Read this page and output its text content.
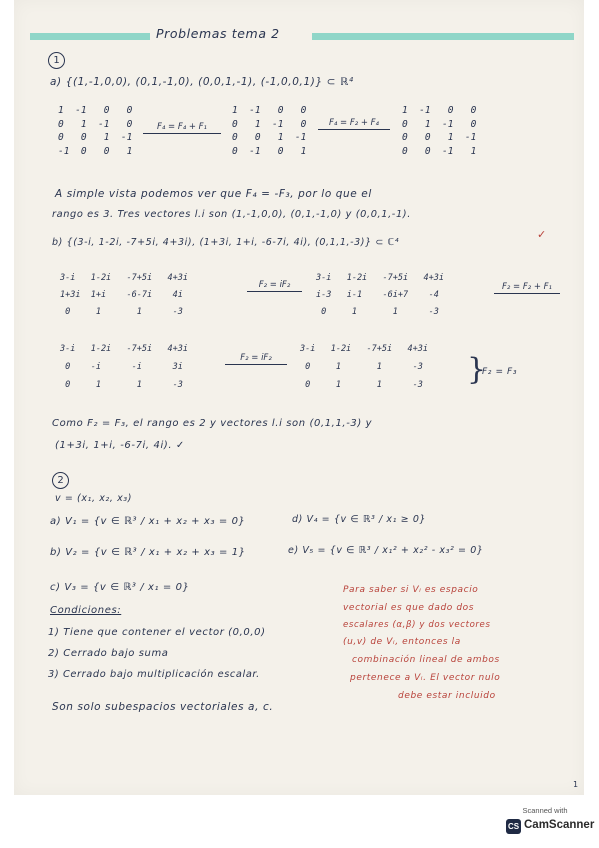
Problemas tema 2
1
a) {(1,-1,0,0), (0,1,-1,0), (0,0,1,-1), (-1,0,0,1)} ⊂ ℝ⁴
1  -1   0   0
0   1  -1   0
0   0   1  -1
-1  0   0   1
F₄ = F₄ + F₁
1  -1   0   0
0   1  -1   0
0   0   1  -1
0  -1   0   1
F₄ = F₂ + F₄
1  -1   0   0
0   1  -1   0
0   0   1  -1
0   0  -1   1
A simple vista podemos ver que F₄ = -F₃, por lo que el
rango es 3. Tres vectores l.i son (1,-1,0,0), (0,1,-1,0) y (0,0,1,-1).
b) {(3-i, 1-2i, -7+5i, 4+3i), (1+3i, 1+i, -6-7i, 4i), (0,1,1,-3)} ⊂ ℂ⁴
✓
3-i   1-2i   -7+5i   4+3i
1+3i  1+i    -6-7i    4i
0     1       1      -3
F₂ = iF₂
3-i   1-2i   -7+5i   4+3i
i-3   i-1    -6i+7    -4
0     1       1      -3
F₂ = F₂ + F₁
3-i   1-2i   -7+5i   4+3i
0    -i      -i      3i
0     1       1      -3
F₂ = iF₂
3-i   1-2i   -7+5i   4+3i
0     1       1      -3
0     1       1      -3 }
F₂ = F₃
Como F₂ = F₃, el rango es 2 y vectores l.i son (0,1,1,-3) y
(1+3i, 1+i, -6-7i, 4i). ✓
2
v = (x₁, x₂, x₃)
a) V₁ = {v ∈ ℝ³ / x₁ + x₂ + x₃ = 0}	d) V₄ = {v ∈ ℝ³ / x₁ ≥ 0}
b) V₂ = {v ∈ ℝ³ / x₁ + x₂ + x₃ = 1}	e) V₅ = {v ∈ ℝ³ / x₁² + x₂² - x₃² = 0}
c) V₃ = {v ∈ ℝ³ / x₁ = 0}
Condiciones:
1) Tiene que contener el vector (0,0,0)
2) Cerrado bajo suma
3) Cerrado bajo multiplicación escalar.
Para saber si Vᵢ es espacio
vectorial es que dado dos
escalares (α,β) y dos vectores
(u,v) de Vᵢ, entonces la
combinación lineal de ambos
pertenece a Vᵢ. El vector nulo
debe estar incluido
Son solo subespacios vectoriales a, c.
1
Scanned with
CS CamScanner
